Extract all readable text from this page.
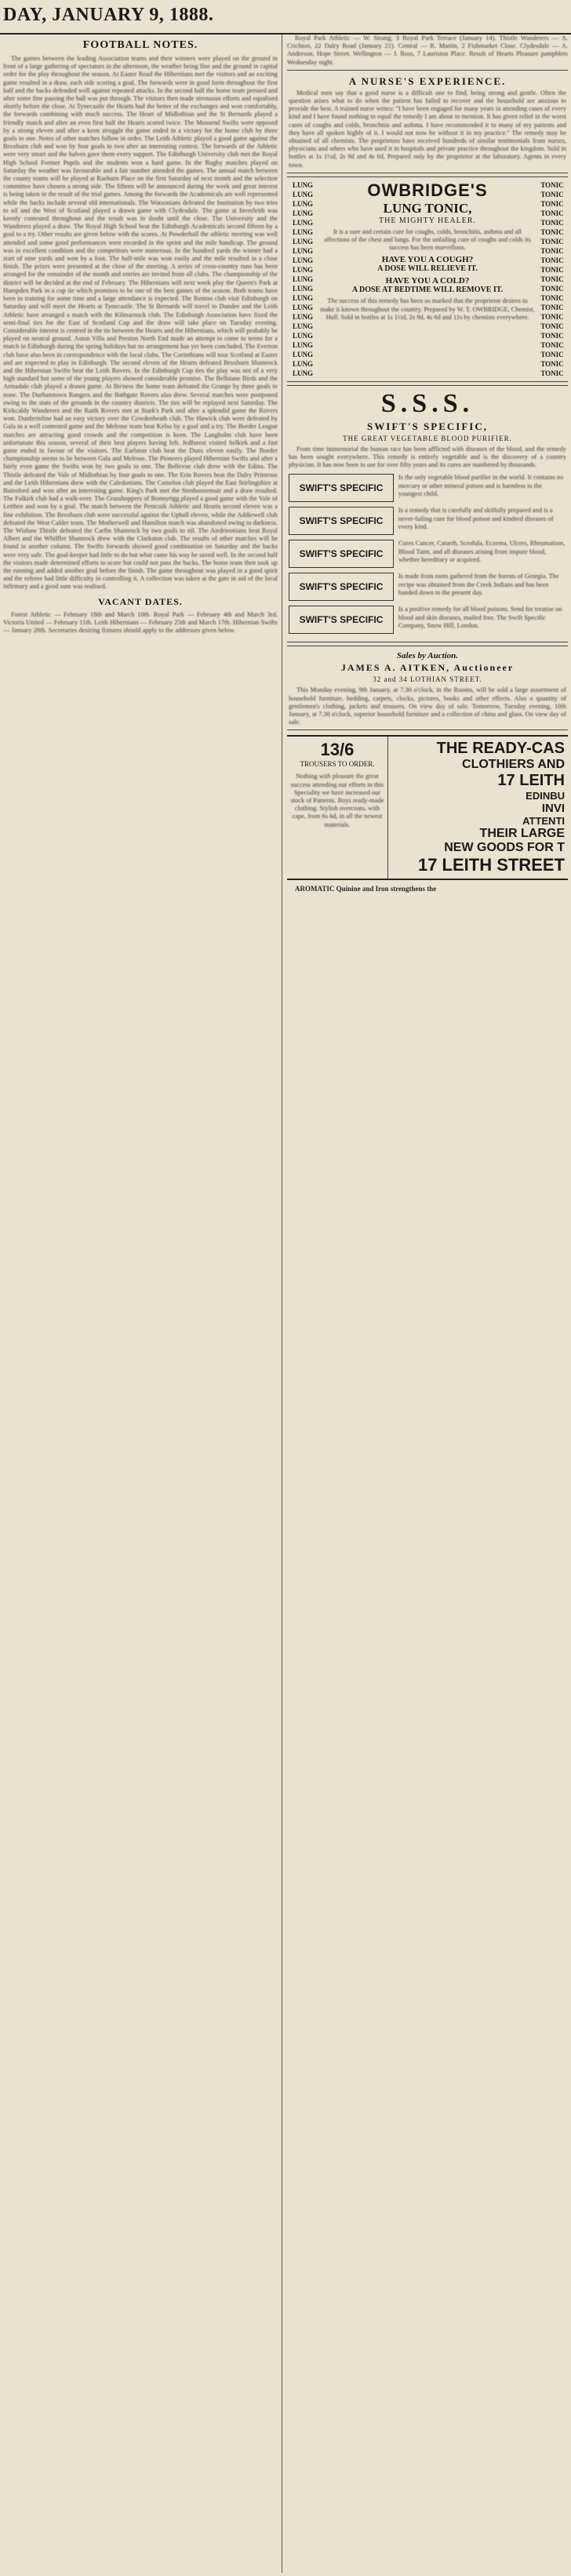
DAY, JANUARY 9, 1888.
FOOTBALL NOTES.
The games between the leading Association teams and their winners were played on the ground in front of a large gathering of spectators in the afternoon, the weather being fine and the ground in capital order for the play throughout the season. At Easter Road the Hibernians met the visitors and an exciting game resulted in a draw, each side scoring a goal. The forwards were in good form throughout the first half and the backs defended well against repeated attacks. In the second half the home team pressed and after some fine passing the ball was put through. The visitors then made strenuous efforts and equalised shortly before the close. At Tynecastle the Hearts had the better of the exchanges and won comfortably, the forwards combining with much success. The Heart of Midlothian and the St Bernards played a friendly match and after an even first half the Hearts scored twice. The Mossend Swifts were opposed by a strong eleven and after a keen struggle the game ended in a victory for the home club by three goals to one. Notes of other matches follow in order. The Leith Athletic played a good game against the Broxburn club and won by four goals to two after an interesting contest. The forwards of the Athletic were very smart and the halves gave them every support. The Edinburgh University club met the Royal High School Former Pupils and the students won a hard game. In the Rugby matches played on Saturday the weather was favourable and a fair number attended the games. The annual match between the county teams will be played at Raeburn Place on the first Saturday of next month and the selection committee have chosen a strong side. The fifteen will be announced during the week and great interest is being taken in the result of the trial games. Among the forwards the Academicals are well represented while the backs include several old internationals. The Watsonians defeated the Institution by two tries to nil and the West of Scotland played a drawn game with Clydesdale. The game at Inverleith was keenly contested throughout and the result was in doubt until the close. The University and the Wanderers played a draw. The Royal High School beat the Edinburgh Academicals second fifteen by a goal to a try. Other results are given below with the scores. At Powderhall the athletic meeting was well attended and some good performances were recorded in the sprint and the mile handicap. The ground was in excellent condition and the competitors were numerous. In the hundred yards the winner had a start of nine yards and won by a foot. The half-mile was won easily and the mile resulted in a close finish. The prizes were presented at the close of the meeting. A series of cross-country runs has been arranged for the remainder of the month and entries are invited from all clubs. The championship of the district will be decided at the end of February. The Hibernians will next week play the Queen's Park at Hampden Park in a cup tie which promises to be one of the best games of the season. Both teams have been in training for some time and a large attendance is expected. The Renton club visit Edinburgh on Saturday and will meet the Hearts at Tynecastle. The St Bernards will travel to Dundee and the Leith Athletic have arranged a match with the Kilmarnock club. The Edinburgh Association have fixed the semi-final ties for the East of Scotland Cup and the draw will take place on Tuesday evening. Considerable interest is centred in the tie between the Hearts and the Hibernians, which will probably be played on neutral ground. Aston Villa and Preston North End made an attempt to come to terms for a match in Edinburgh during the spring holidays but no arrangement has yet been concluded. The Everton club have also been in correspondence with the local clubs. The Corinthians will tour Scotland at Easter and are expected to play in Edinburgh. The second eleven of the Hearts defeated Broxburn Shamrock and the Hibernian Swifts beat the Leith Rovers. In the Edinburgh Cup ties the play was not of a very high standard but some of the young players showed considerable promise. The Bellstane Birds and the Armadale club played a drawn game. At Bo'ness the home team defeated the Grange by three goals to none. The Durhamtown Rangers and the Bathgate Rovers also drew. Several matches were postponed owing to the state of the grounds in the country districts. The ties will be replayed next Saturday. The Kirkcaldy Wanderers and the Raith Rovers met at Stark's Park and after a splendid game the Rovers won. Dunfermline had an easy victory over the Cowdenbeath club. The Hawick club were defeated by Gala in a well contested game and the Melrose team beat Kelso by a goal and a try. The Border League matches are attracting good crowds and the competition is keen. The Langholm club have been unfortunate this season, several of their best players having left. Jedforest visited Selkirk and a fast game ended in favour of the visitors. The Earlston club beat the Duns eleven easily. The Border championship seems to lie between Gala and Melrose. The Pioneers played Hibernian Swifts and after a fairly even game the Swifts won by two goals to one. The Bellevue club drew with the Edina. The Thistle defeated the Vale of Midlothian by four goals to one. The Erin Rovers beat the Dalry Primrose and the Leith Hibernians drew with the Caledonians. The Camelon club played the East Stirlingshire at Bainsford and won after an interesting game. King's Park met the Stenhousemuir and a draw resulted. The Falkirk club had a walk-over. The Grasshoppers of Bonnyrigg played a good game with the Vale of Leithen and won by a goal. The match between the Penicuik Athletic and Hearts second eleven was a fine exhibition. The Broxburn club were successful against the Uphall eleven, while the Addiewell club defeated the West Calder team. The Motherwell and Hamilton match was abandoned owing to darkness. The Wishaw Thistle defeated the Carfin Shamrock by two goals to nil. The Airdrieonians beat Royal Albert and the Whifflet Shamrock drew with the Clarkston club. The results of other matches will be found in another column. The Swifts forwards showed good combination on Saturday and the backs were very safe. The goal-keeper had little to do but what came his way he saved well. In the second half the visitors made determined efforts to score but could not pass the backs. The home team then took up the running and added another goal before the finish. The game throughout was played in a good spirit and the referee had little difficulty in controlling it. A collection was taken at the gate in aid of the local infirmary and a good sum was realised.
VACANT DATES.
Forest Athletic — February 18th and March 10th. Royal Park — February 4th and March 3rd. Victoria United — February 11th. Leith Hibernians — February 25th and March 17th. Hibernian Swifts — January 28th. Secretaries desiring fixtures should apply to the addresses given below.
Royal Park Athletic — W. Strang, 3 Royal Park Terrace (January 14). Thistle Wanderers — A. Crichton, 22 Dalry Road (January 21). Central — R. Martin, 2 Fishmarket Close. Clydesdale — A. Anderson, Hope Street. Wellington — J. Ross, 7 Lauriston Place. Result of Hearts Pleasure pamphlets Wednesday night.
A NURSE'S EXPERIENCE.
Medical men say that a good nurse is a difficult one to find, being strong and gentle. Often the question arises what to do when the patient has failed to recover and the household are anxious to provide the best. A trained nurse writes: "I have been engaged for many years in attending cases of every kind and I have found nothing to equal the remedy I am about to mention. It has given relief in the worst cases of coughs and colds, bronchitis and asthma. I have recommended it to many of my patients and they have all spoken highly of it. I would not now be without it in my practice." The remedy may be obtained of all chemists. The proprietors have received hundreds of similar testimonials from nurses, physicians and others who have used it in hospitals and private practice throughout the kingdom. Sold in bottles at 1s 1½d, 2s 9d and 4s 6d. Prepared only by the proprietor at the laboratory. Agents in every town.
LUNG
LUNG
LUNG
LUNG
LUNG
LUNG
LUNG
LUNG
LUNG
LUNG
LUNG
LUNG
LUNG
LUNG
LUNG
LUNG
LUNG
LUNG
LUNG
LUNG
LUNG
OWBRIDGE'S
LUNG TONIC,
THE MIGHTY HEALER.
It is a sure and certain cure for coughs, colds, bronchitis, asthma and all affections of the chest and lungs. For the unfailing cure of coughs and colds its success has been marvellous.
HAVE YOU A COUGH?
A DOSE WILL RELIEVE IT.
HAVE YOU A COLD?
A DOSE AT BEDTIME WILL REMOVE IT.
The success of this remedy has been so marked that the proprietor desires to make it known throughout the country. Prepared by W. T. OWBRIDGE, Chemist, Hull. Sold in bottles at 1s 1½d, 2s 9d, 4s 6d and 11s by chemists everywhere.
TONIC
TONIC
TONIC
TONIC
TONIC
TONIC
TONIC
TONIC
TONIC
TONIC
TONIC
TONIC
TONIC
TONIC
TONIC
TONIC
TONIC
TONIC
TONIC
TONIC
TONIC
S.S.S.
SWIFT'S SPECIFIC,
THE GREAT VEGETABLE BLOOD PURIFIER.
From time immemorial the human race has been afflicted with diseases of the blood, and the remedy has been sought everywhere. This remedy is entirely vegetable and is the discovery of a country physician. It has now been in use for over fifty years and its cures are numbered by thousands.
SWIFT'S SPECIFIC
Is the only vegetable blood purifier in the world. It contains no mercury or other mineral poison and is harmless to the youngest child.
SWIFT'S SPECIFIC
Is a remedy that is carefully and skilfully prepared and is a never-failing cure for blood poison and kindred diseases of every kind.
SWIFT'S SPECIFIC
Cures Cancer, Catarrh, Scrofula, Eczema, Ulcers, Rheumatism, Blood Taint, and all diseases arising from impure blood, whether hereditary or acquired.
SWIFT'S SPECIFIC
Is made from roots gathered from the forests of Georgia. The recipe was obtained from the Creek Indians and has been handed down to the present day.
SWIFT'S SPECIFIC
Is a positive remedy for all blood poisons. Send for treatise on blood and skin diseases, mailed free. The Swift Specific Company, Snow Hill, London.
Sales by Auction.
JAMES A. AITKEN, Auctioneer
32 and 34 LOTHIAN STREET.
This Monday evening, 9th January, at 7.30 o'clock, in the Rooms, will be sold a large assortment of household furniture, bedding, carpets, clocks, pictures, books and other effects. Also a quantity of gentlemen's clothing, jackets and trousers. On view day of sale. Tomorrow, Tuesday evening, 10th January, at 7.30 o'clock, superior household furniture and a collection of china and glass. On view day of sale.
13/6
TROUSERS TO ORDER.
Nothing with pleasure the great success attending our efforts in this Speciality we have increased our stock of Patterns. Boys ready-made clothing. Stylish overcoats, with cape, from 6s 6d, in all the newest materials.
THE READY-CAS
CLOTHIERS AND
17 LEITH
EDINBU
INVI
ATTENTI
THEIR LARGE
NEW GOODS FOR T
17 LEITH STREET
AROMATIC Quinine and Iron strengthens the
